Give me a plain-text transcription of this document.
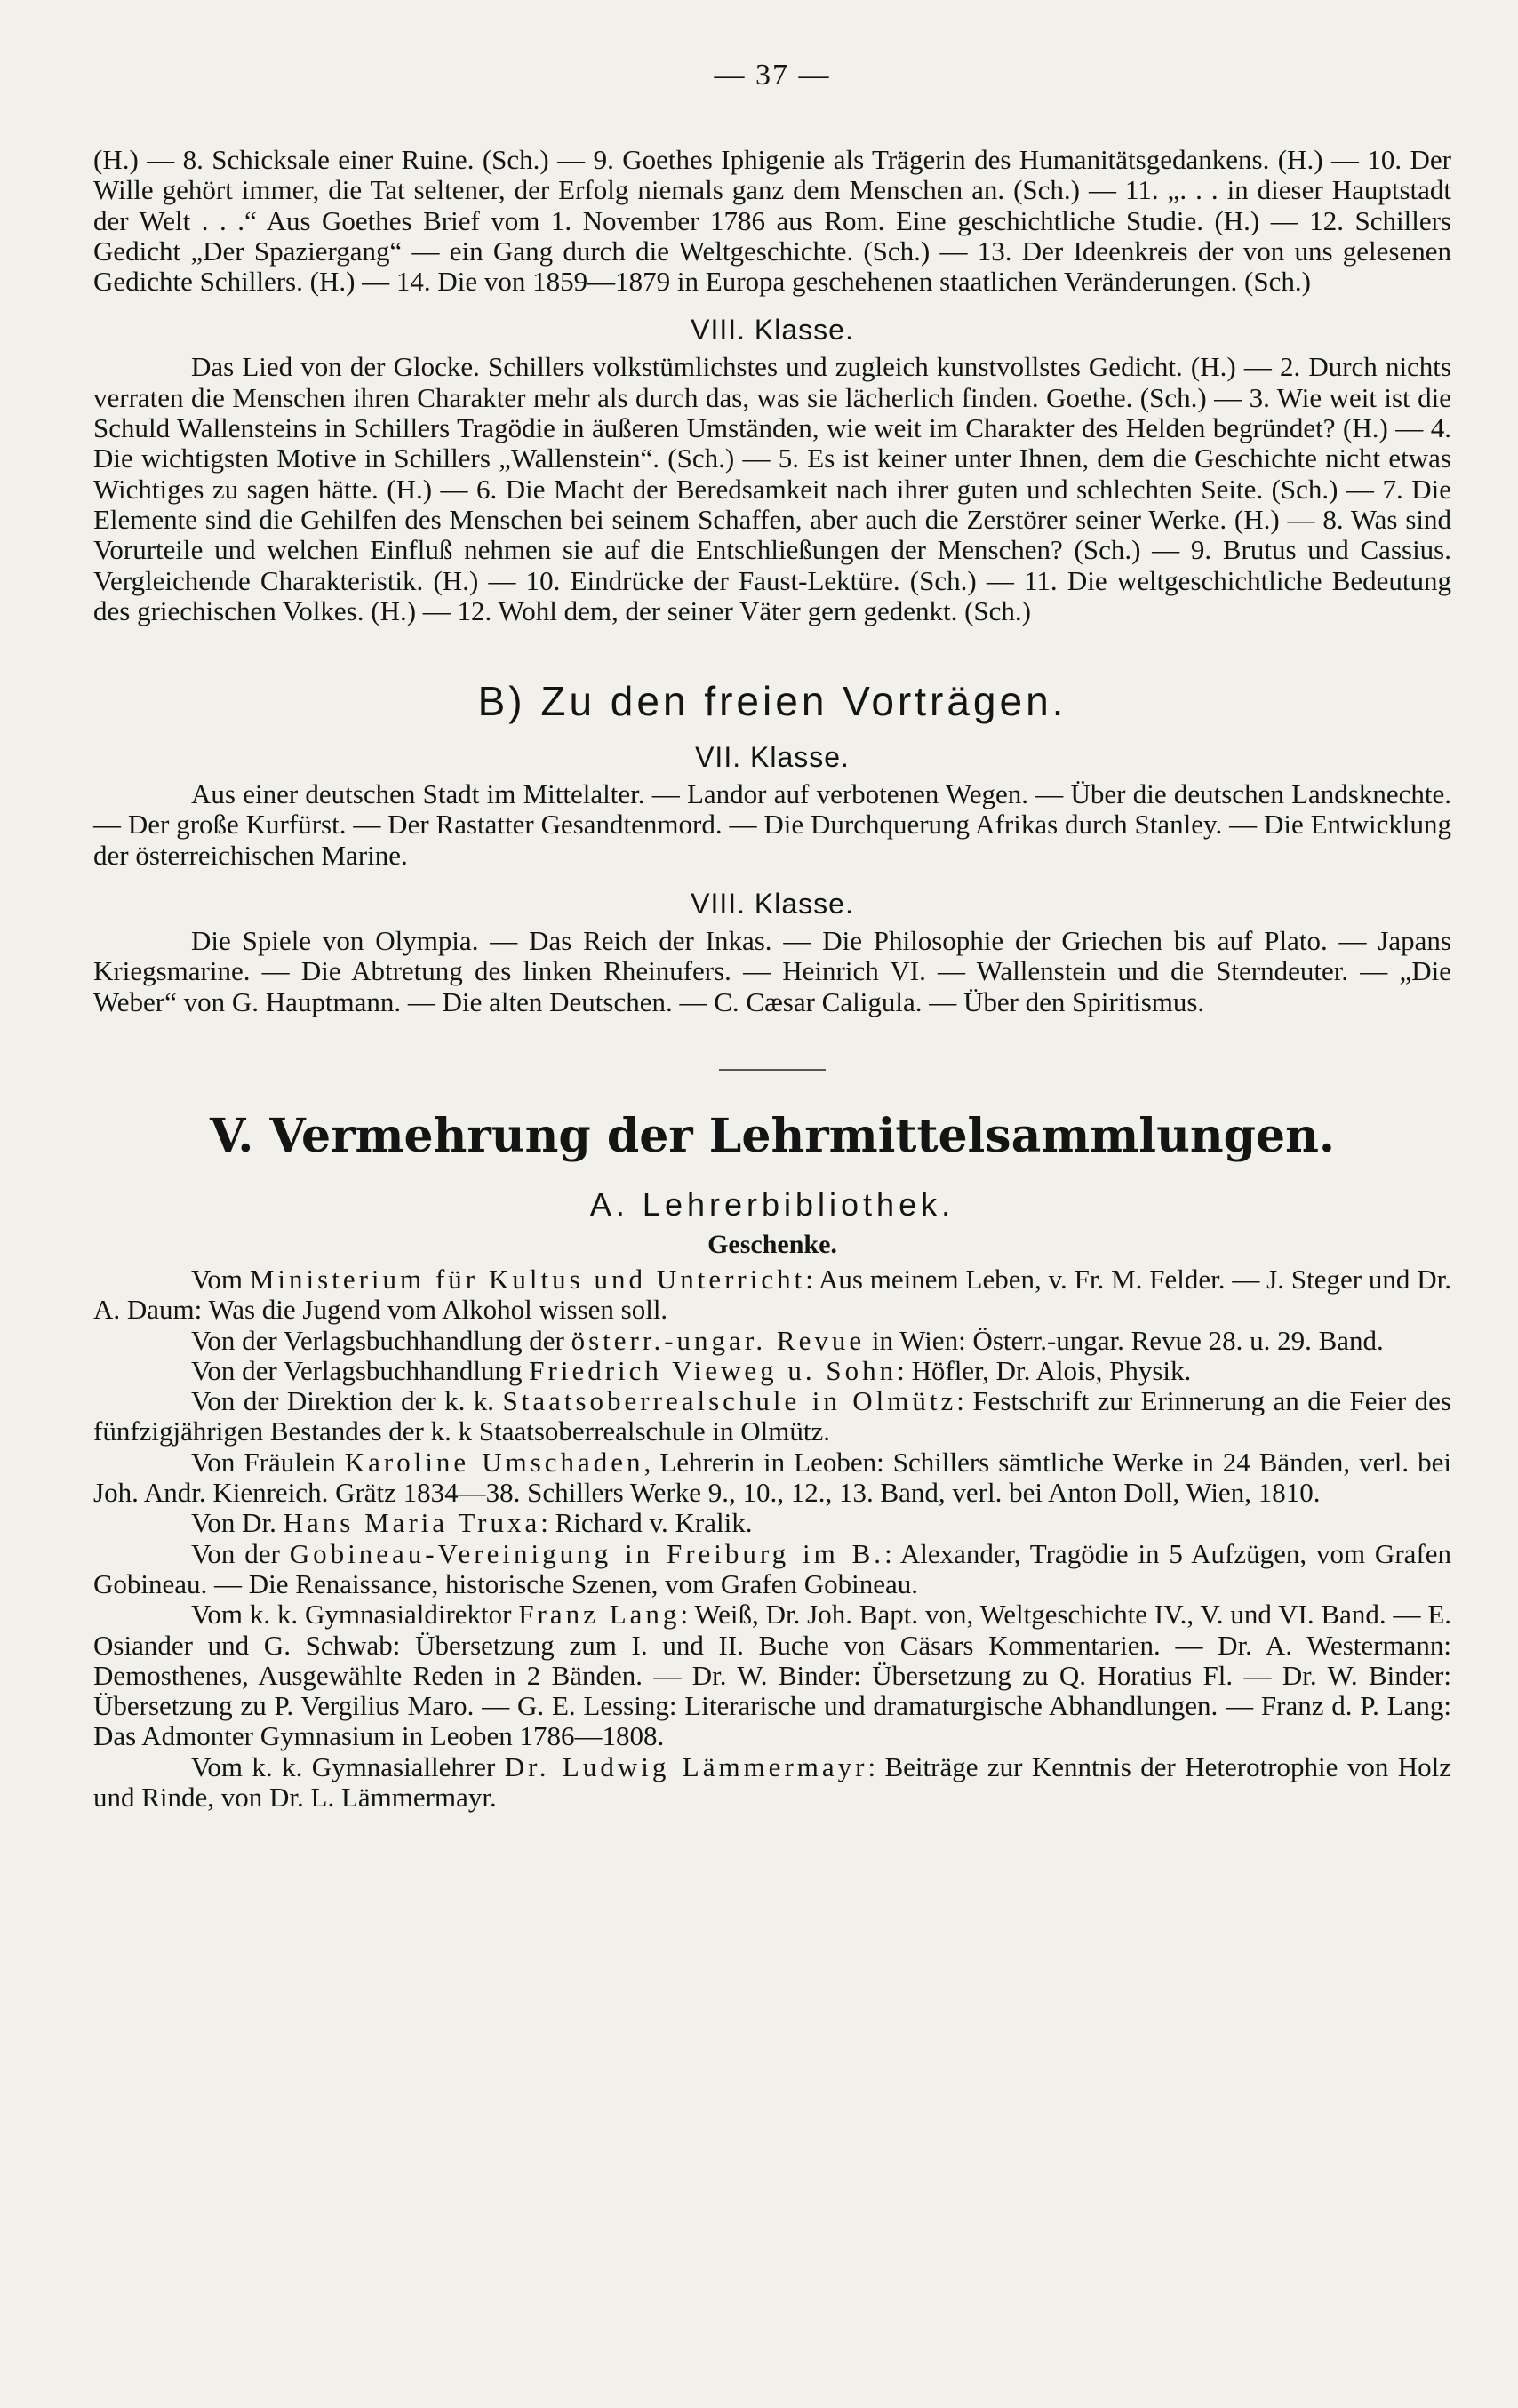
— 37 —

(H.) — 8. Schicksale einer Ruine. (Sch.) — 9. Goethes Iphigenie als Trägerin des Humanitätsgedankens. (H.) — 10. Der Wille gehört immer, die Tat seltener, der Erfolg niemals ganz dem Menschen an. (Sch.) — 11. „. . . in dieser Hauptstadt der Welt . . .“ Aus Goethes Brief vom 1. November 1786 aus Rom. Eine geschichtliche Studie. (H.) — 12. Schillers Gedicht „Der Spaziergang“ — ein Gang durch die Weltgeschichte. (Sch.) — 13. Der Ideenkreis der von uns gelesenen Gedichte Schillers. (H.) — 14. Die von 1859—1879 in Europa geschehenen staatlichen Veränderungen. (Sch.)

VIII. Klasse.

Das Lied von der Glocke. Schillers volkstümlichstes und zugleich kunstvollstes Gedicht. (H.) — 2. Durch nichts verraten die Menschen ihren Charakter mehr als durch das, was sie lächerlich finden. Goethe. (Sch.) — 3. Wie weit ist die Schuld Wallensteins in Schillers Tragödie in äußeren Umständen, wie weit im Charakter des Helden begründet? (H.) — 4. Die wichtigsten Motive in Schillers „Wallenstein“. (Sch.) — 5. Es ist keiner unter Ihnen, dem die Geschichte nicht etwas Wichtiges zu sagen hätte. (H.) — 6. Die Macht der Beredsamkeit nach ihrer guten und schlechten Seite. (Sch.) — 7. Die Elemente sind die Gehilfen des Menschen bei seinem Schaffen, aber auch die Zerstörer seiner Werke. (H.) — 8. Was sind Vorurteile und welchen Einfluß nehmen sie auf die Entschließungen der Menschen? (Sch.) — 9. Brutus und Cassius. Vergleichende Charakteristik. (H.) — 10. Eindrücke der Faust-Lektüre. (Sch.) — 11. Die weltgeschichtliche Bedeutung des griechischen Volkes. (H.) — 12. Wohl dem, der seiner Väter gern gedenkt. (Sch.)

B) Zu den freien Vorträgen.
VII. Klasse.

Aus einer deutschen Stadt im Mittelalter. — Landor auf verbotenen Wegen. — Über die deutschen Landsknechte. — Der große Kurfürst. — Der Rastatter Gesandtenmord. — Die Durchquerung Afrikas durch Stanley. — Die Entwicklung der österreichischen Marine.

VIII. Klasse.

Die Spiele von Olympia. — Das Reich der Inkas. — Die Philosophie der Griechen bis auf Plato. — Japans Kriegsmarine. — Die Abtretung des linken Rheinufers. — Heinrich VI. — Wallenstein und die Sterndeuter. — „Die Weber“ von G. Hauptmann. — Die alten Deutschen. — C. Cæsar Caligula. — Über den Spiritismus.

V. Vermehrung der Lehrmittelsammlungen.
A. Lehrerbibliothek.
Geschenke.

Vom Ministerium für Kultus und Unterricht: Aus meinem Leben, v. Fr. M. Felder. — J. Steger und Dr. A. Daum: Was die Jugend vom Alkohol wissen soll.

Von der Verlagsbuchhandlung der österr.-ungar. Revue in Wien: Österr.-ungar. Revue 28. u. 29. Band.

Von der Verlagsbuchhandlung Friedrich Vieweg u. Sohn: Höfler, Dr. Alois, Physik.

Von der Direktion der k. k. Staatsoberrealschule in Olmütz: Festschrift zur Erinnerung an die Feier des fünfzigjährigen Bestandes der k. k Staatsoberrealschule in Olmütz.

Von Fräulein Karoline Umschaden, Lehrerin in Leoben: Schillers sämtliche Werke in 24 Bänden, verl. bei Joh. Andr. Kienreich. Grätz 1834—38. Schillers Werke 9., 10., 12., 13. Band, verl. bei Anton Doll, Wien, 1810.

Von Dr. Hans Maria Truxa: Richard v. Kralik.

Von der Gobineau-Vereinigung in Freiburg im B.: Alexander, Tragödie in 5 Aufzügen, vom Grafen Gobineau. — Die Renaissance, historische Szenen, vom Grafen Gobineau.

Vom k. k. Gymnasialdirektor Franz Lang: Weiß, Dr. Joh. Bapt. von, Weltgeschichte IV., V. und VI. Band. — E. Osiander und G. Schwab: Übersetzung zum I. und II. Buche von Cäsars Kommentarien. — Dr. A. Westermann: Demosthenes, Ausgewählte Reden in 2 Bänden. — Dr. W. Binder: Übersetzung zu Q. Horatius Fl. — Dr. W. Binder: Übersetzung zu P. Vergilius Maro. — G. E. Lessing: Literarische und dramaturgische Abhandlungen. — Franz d. P. Lang: Das Admonter Gymnasium in Leoben 1786—1808.

Vom k. k. Gymnasiallehrer Dr. Ludwig Lämmermayr: Beiträge zur Kenntnis der Heterotrophie von Holz und Rinde, von Dr. L. Lämmermayr.
